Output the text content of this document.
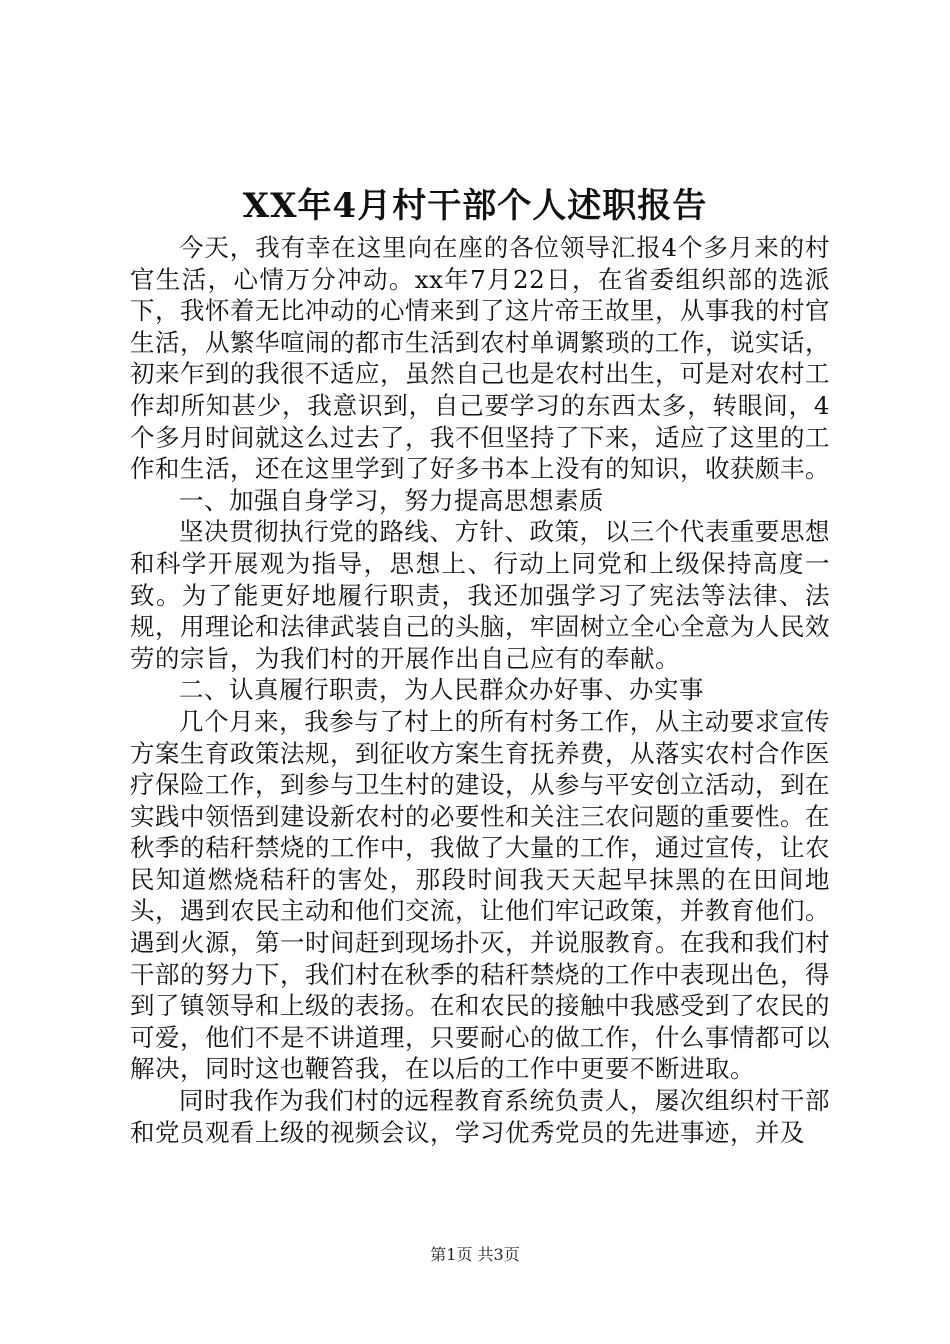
XX年4月村干部个人述职报告

今天，我有幸在这里向在座的各位领导汇报4个多月来的村官生活，心情万分冲动。xx年7月22日，在省委组织部的选派下，我怀着无比冲动的心情来到了这片帝王故里，从事我的村官生活，从繁华喧闹的都市生活到农村单调繁琐的工作，说实话，初来乍到的我很不适应，虽然自己也是农村出生，可是对农村工作却所知甚少，我意识到，自己要学习的东西太多，转眼间，4个多月时间就这么过去了，我不但坚持了下来，适应了这里的工作和生活，还在这里学到了好多书本上没有的知识，收获颇丰。

一、加强自身学习，努力提高思想素质

坚决贯彻执行党的路线、方针、政策，以三个代表重要思想和科学开展观为指导，思想上、行动上同党和上级保持高度一致。为了能更好地履行职责，我还加强学习了宪法等法律、法规，用理论和法律武装自己的头脑，牢固树立全心全意为人民效劳的宗旨，为我们村的开展作出自己应有的奉献。

二、认真履行职责，为人民群众办好事、办实事

几个月来，我参与了村上的所有村务工作，从主动要求宣传方案生育政策法规，到征收方案生育抚养费，从落实农村合作医疗保险工作，到参与卫生村的建设，从参与平安创立活动，到在实践中领悟到建设新农村的必要性和关注三农问题的重要性。在秋季的秸秆禁烧的工作中，我做了大量的工作，通过宣传，让农民知道燃烧秸秆的害处，那段时间我天天起早抹黑的在田间地头，遇到农民主动和他们交流，让他们牢记政策，并教育他们。遇到火源，第一时间赶到现场扑灭，并说服教育。在我和我们村干部的努力下，我们村在秋季的秸秆禁烧的工作中表现出色，得到了镇领导和上级的表扬。在和农民的接触中我感受到了农民的可爱，他们不是不讲道理，只要耐心的做工作，什么事情都可以解决，同时这也鞭笞我，在以后的工作中更要不断进取。

同时我作为我们村的远程教育系统负责人，屡次组织村干部和党员观看上级的视频会议，学习优秀党员的先进事迹，并及

第1页 共3页
